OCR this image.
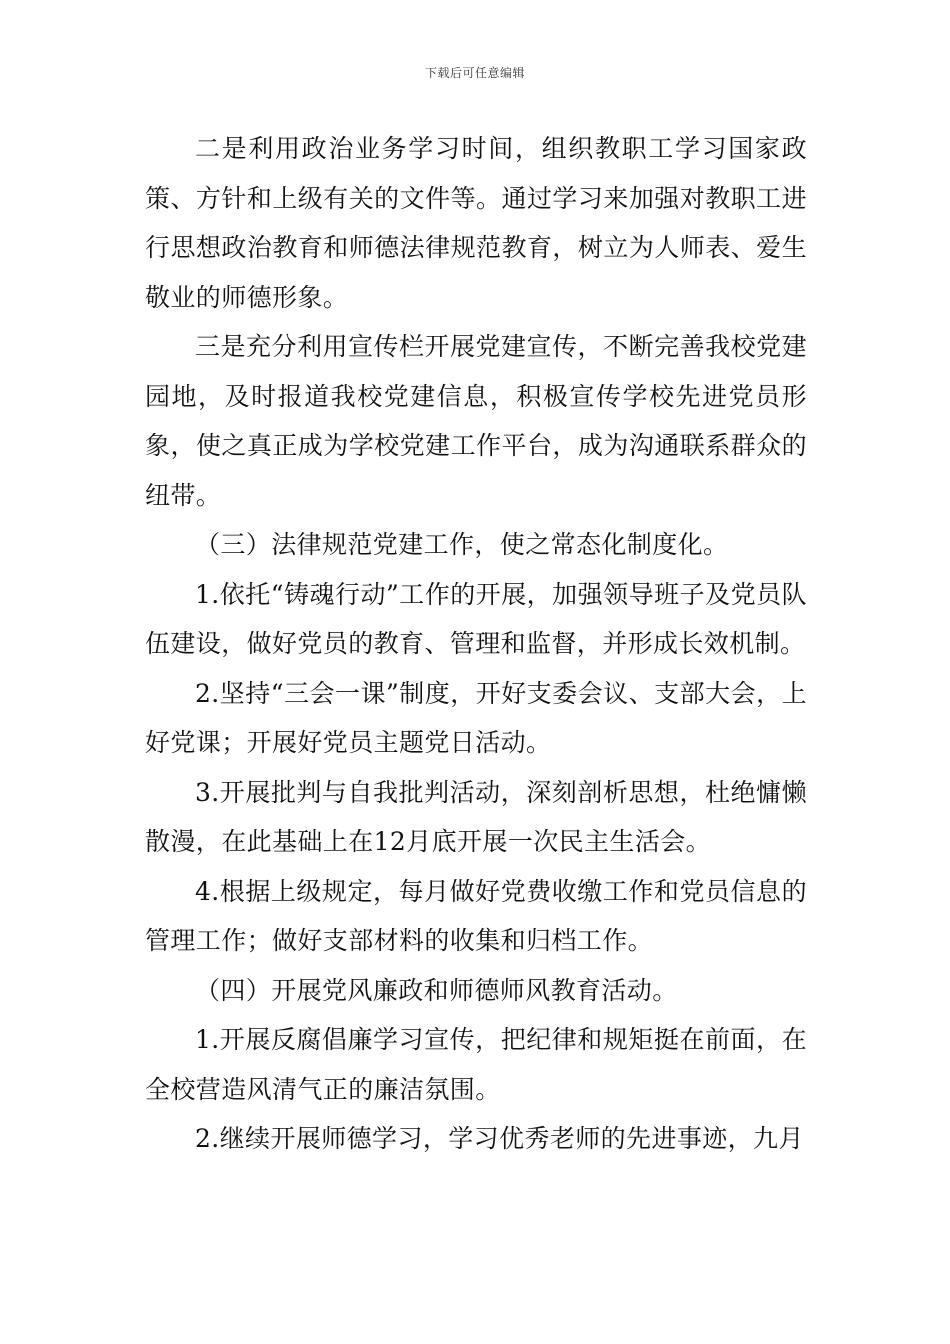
下载后可任意编辑

二是利用政治业务学习时间，组织教职工学习国家政策、方针和上级有关的文件等。通过学习来加强对教职工进行思想政治教育和师德法律规范教育，树立为人师表、爱生敬业的师德形象。

三是充分利用宣传栏开展党建宣传，不断完善我校党建园地，及时报道我校党建信息，积极宣传学校先进党员形象，使之真正成为学校党建工作平台，成为沟通联系群众的纽带。

（三）法律规范党建工作，使之常态化制度化。

1.依托“铸魂行动”工作的开展，加强领导班子及党员队伍建设，做好党员的教育、管理和监督，并形成长效机制。

2.坚持“三会一课”制度，开好支委会议、支部大会，上好党课；开展好党员主题党日活动。

3.开展批判与自我批判活动，深刻剖析思想，杜绝慵懒散漫，在此基础上在12月底开展一次民主生活会。

4.根据上级规定，每月做好党费收缴工作和党员信息的管理工作；做好支部材料的收集和归档工作。

（四）开展党风廉政和师德师风教育活动。

1.开展反腐倡廉学习宣传，把纪律和规矩挺在前面，在全校营造风清气正的廉洁氛围。

2.继续开展师德学习，学习优秀老师的先进事迹，九月
